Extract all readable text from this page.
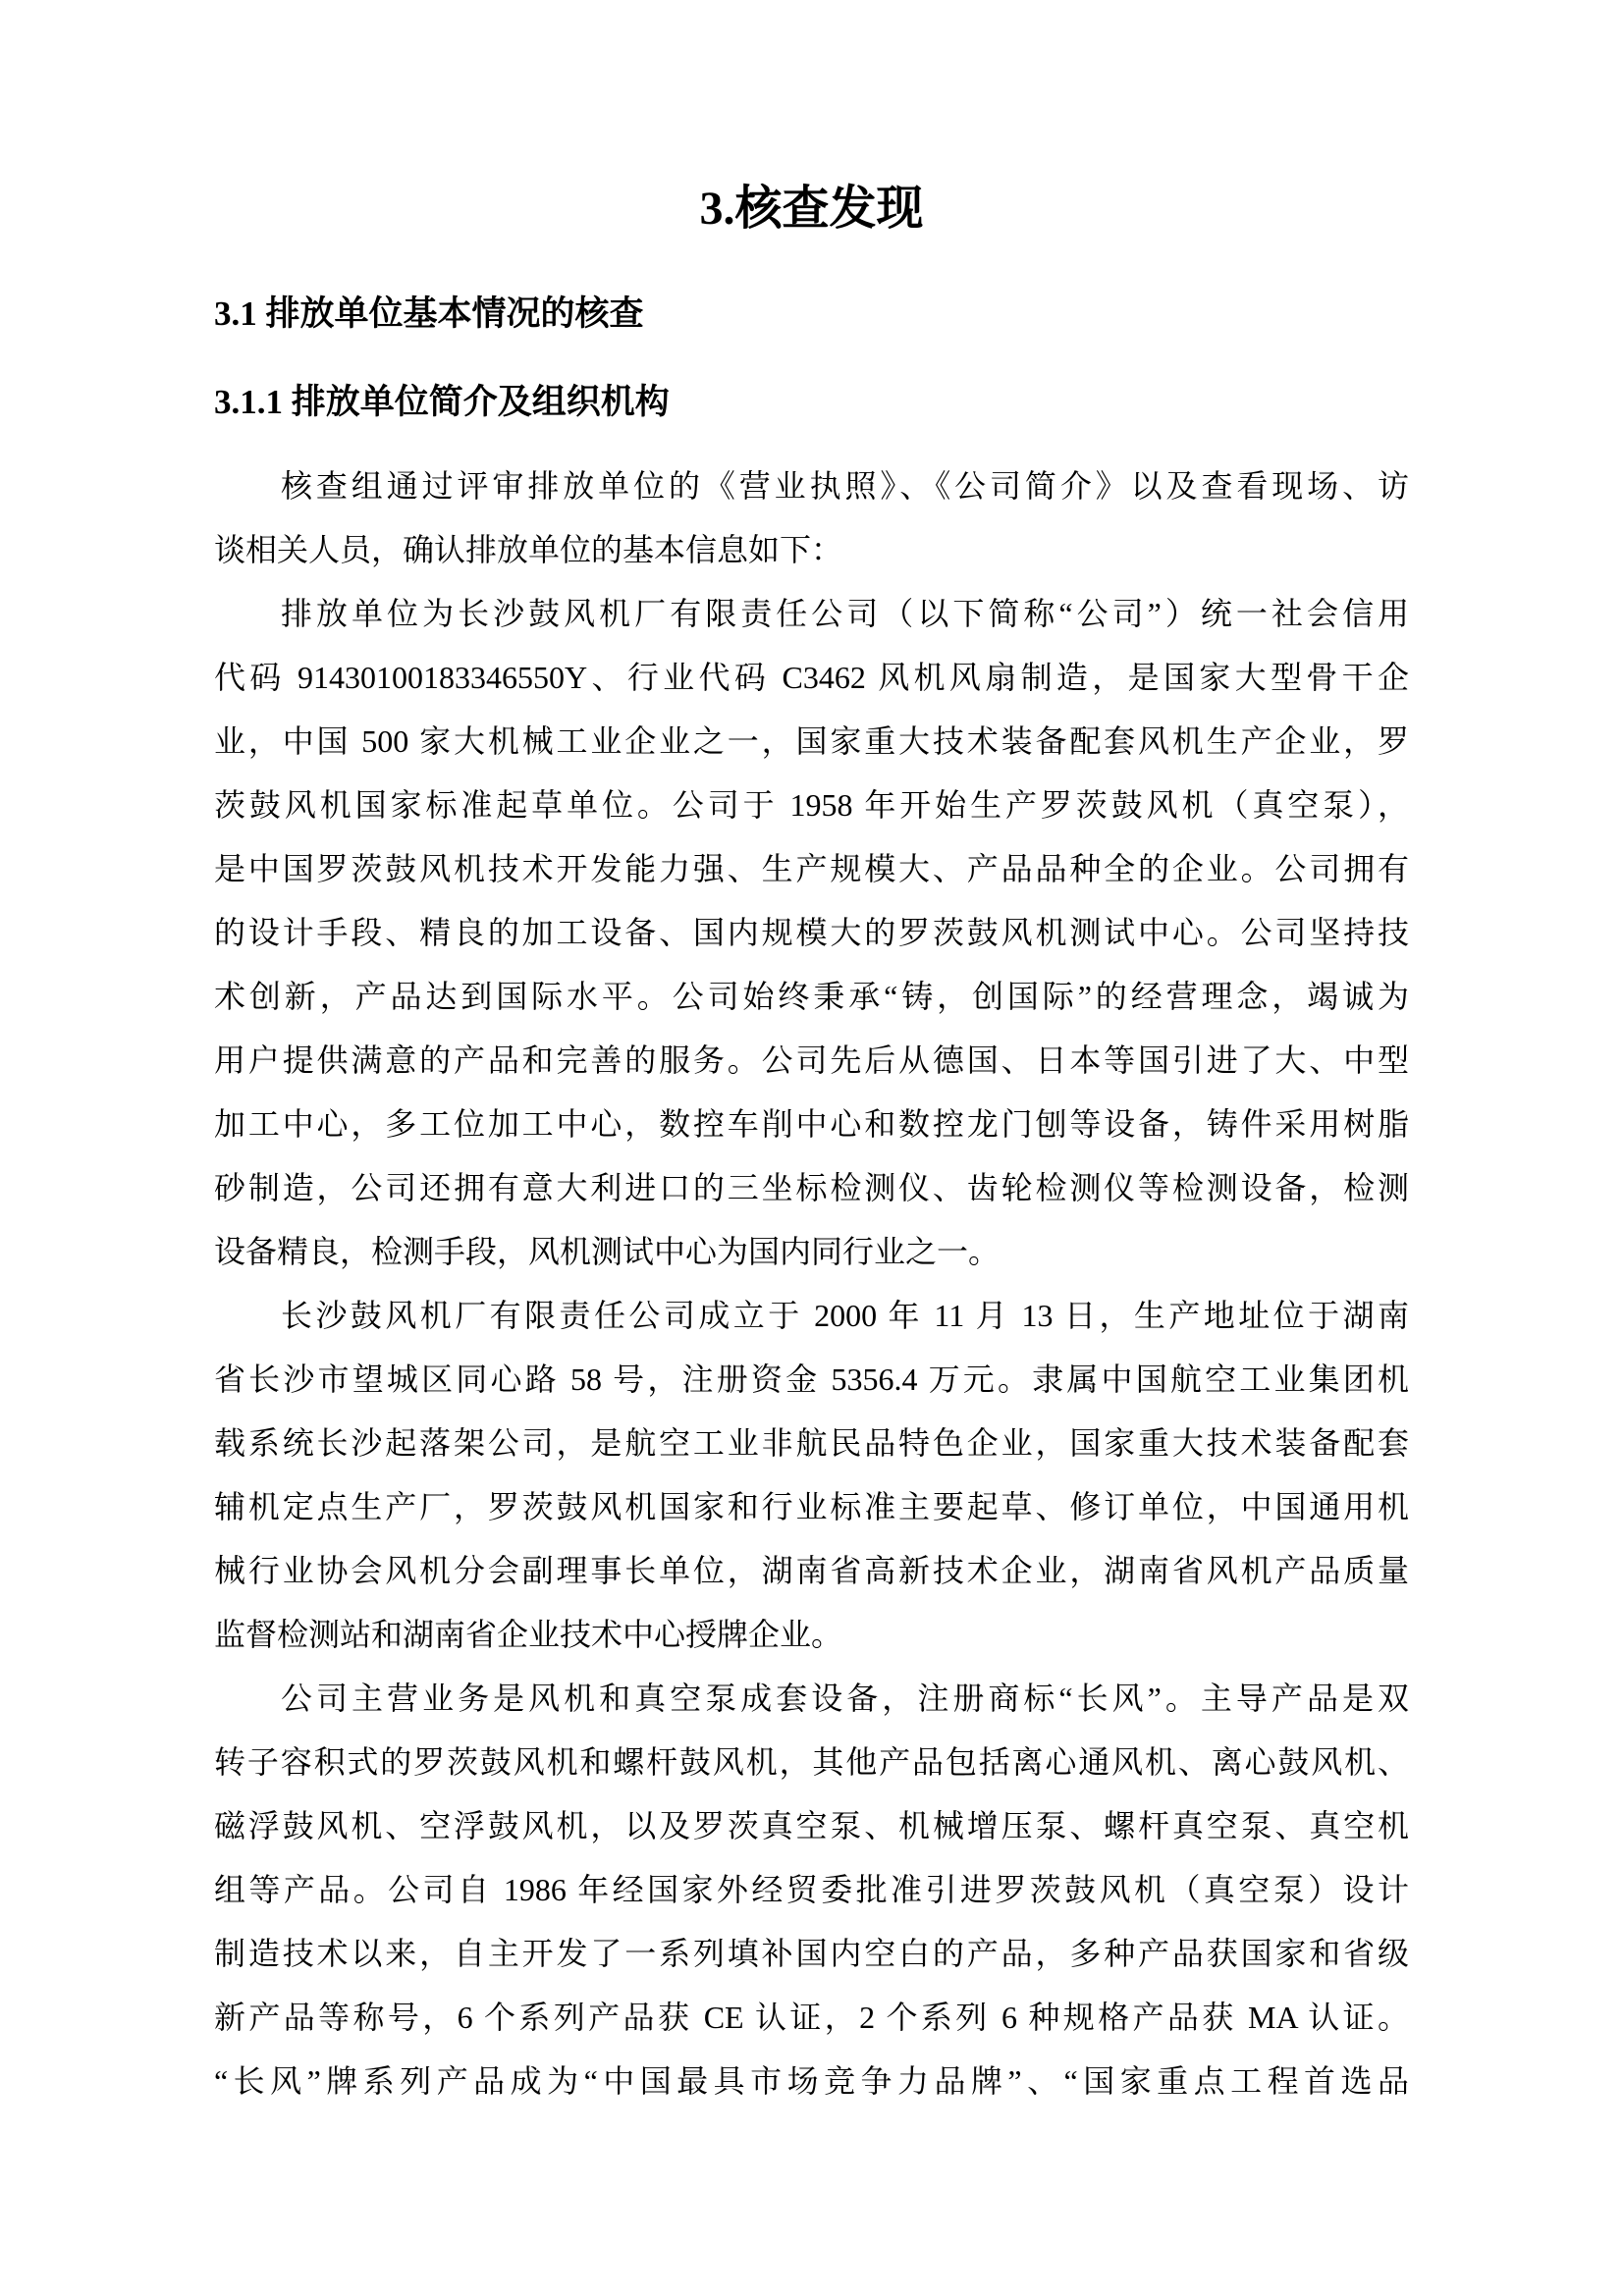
3.核查发现
3.1 排放单位基本情况的核查
3.1.1 排放单位简介及组织机构
核查组通过评审排放单位的《营业执照》、《公司简介》以及查看现场、访
谈相关人员，确认排放单位的基本信息如下：
排放单位为长沙鼓风机厂有限责任公司（以下简称“公司”）统一社会信用
代码 91430100183346550Y、行业代码 C3462 风机风扇制造，是国家大型骨干企
业，中国 500 家大机械工业企业之一，国家重大技术装备配套风机生产企业，罗
茨鼓风机国家标准起草单位。公司于 1958 年开始生产罗茨鼓风机（真空泵），
是中国罗茨鼓风机技术开发能力强、生产规模大、产品品种全的企业。公司拥有
的设计手段、精良的加工设备、国内规模大的罗茨鼓风机测试中心。公司坚持技
术创新，产品达到国际水平。公司始终秉承“铸，创国际”的经营理念，竭诚为
用户提供满意的产品和完善的服务。公司先后从德国、日本等国引进了大、中型
加工中心，多工位加工中心，数控车削中心和数控龙门刨等设备，铸件采用树脂
砂制造，公司还拥有意大利进口的三坐标检测仪、齿轮检测仪等检测设备，检测
设备精良，检测手段，风机测试中心为国内同行业之一。
长沙鼓风机厂有限责任公司成立于 2000 年 11 月 13 日，生产地址位于湖南
省长沙市望城区同心路 58 号，注册资金 5356.4 万元。隶属中国航空工业集团机
载系统长沙起落架公司，是航空工业非航民品特色企业，国家重大技术装备配套
辅机定点生产厂，罗茨鼓风机国家和行业标准主要起草、修订单位，中国通用机
械行业协会风机分会副理事长单位，湖南省高新技术企业，湖南省风机产品质量
监督检测站和湖南省企业技术中心授牌企业。
公司主营业务是风机和真空泵成套设备，注册商标“长风”。主导产品是双
转子容积式的罗茨鼓风机和螺杆鼓风机，其他产品包括离心通风机、离心鼓风机、
磁浮鼓风机、空浮鼓风机，以及罗茨真空泵、机械增压泵、螺杆真空泵、真空机
组等产品。公司自 1986 年经国家外经贸委批准引进罗茨鼓风机（真空泵）设计
制造技术以来，自主开发了一系列填补国内空白的产品，多种产品获国家和省级
新产品等称号，6 个系列产品获 CE 认证，2 个系列 6 种规格产品获 MA 认证。
“长风”牌系列产品成为“中国最具市场竞争力品牌”、“国家重点工程首选品
